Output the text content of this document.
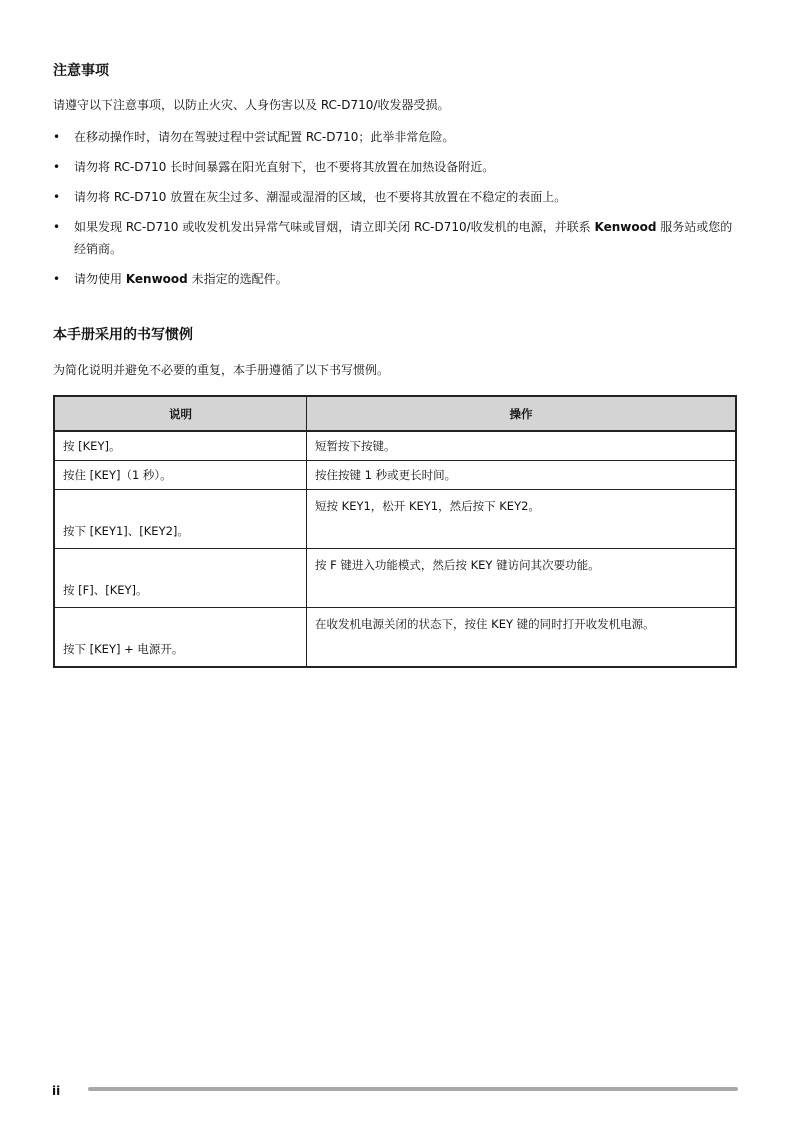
注意事项

请遵守以下注意事项，以防止火灾、人身伤害以及 RC-D710/收发器受损。

• 在移动操作时，请勿在驾驶过程中尝试配置 RC-D710；此举非常危险。
• 请勿将 RC-D710 长时间暴露在阳光直射下，也不要将其放置在加热设备附近。
• 请勿将 RC-D710 放置在灰尘过多、潮湿或湿滑的区域，也不要将其放置在不稳定的表面上。
• 如果发现 RC-D710 或收发机发出异常气味或冒烟，请立即关闭 RC-D710/收发机的电源，并联系 Kenwood 服务站或您的经销商。
• 请勿使用 Kenwood 未指定的选配件。
本手册采用的书写惯例

为简化说明并避免不必要的重复，本手册遵循了以下书写惯例。

说明	操作
按 [KEY]。	短暂按下按键。
按住 [KEY]（1 秒）。	按住按键 1 秒或更长时间。
按下 [KEY1]、[KEY2]。	短按 KEY1，松开 KEY1，然后按下 KEY2。
按 [F]、[KEY]。	按 F 键进入功能模式，然后按 KEY 键访问其次要功能。
按下 [KEY] + 电源开。	在收发机电源关闭的状态下，按住 KEY 键的同时打开收发机电源。
ii
